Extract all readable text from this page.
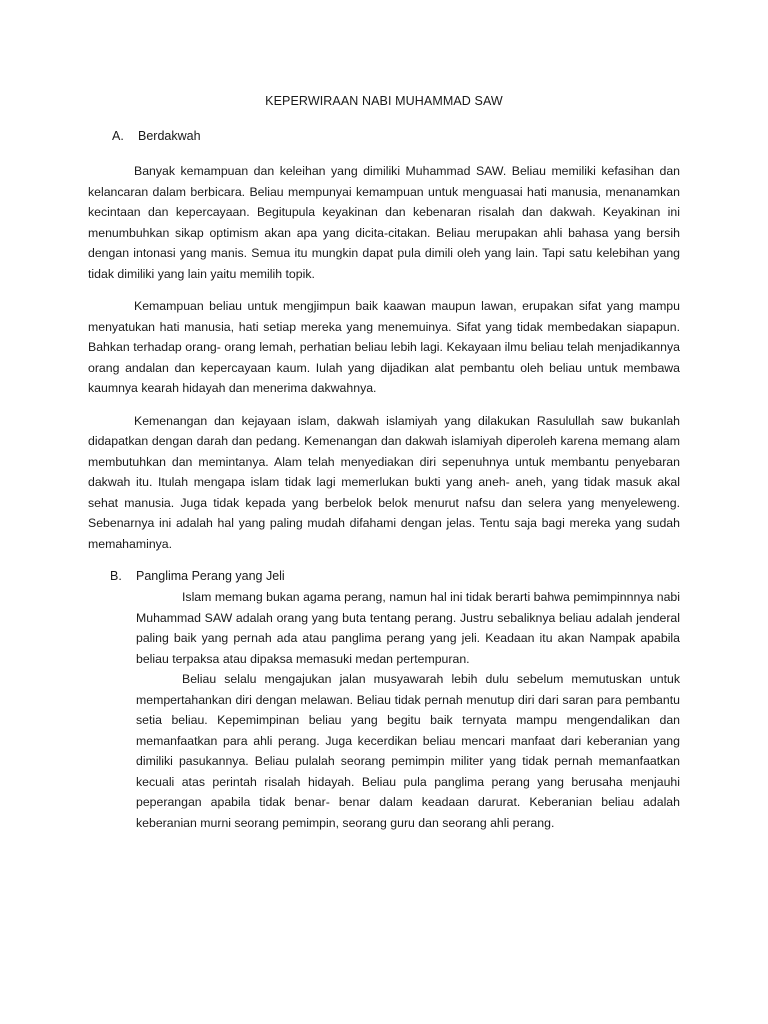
KEPERWIRAAN NABI MUHAMMAD SAW
A.	Berdakwah

Banyak kemampuan dan keleihan yang dimiliki Muhammad SAW. Beliau memiliki kefasihan dan kelancaran dalam berbicara. Beliau mempunyai kemampuan untuk menguasai hati manusia, menanamkan kecintaan dan kepercayaan. Begitupula keyakinan dan kebenaran risalah dan dakwah. Keyakinan ini menumbuhkan sikap optimism akan apa yang dicita-citakan. Beliau merupakan ahli bahasa yang bersih dengan intonasi yang manis. Semua itu mungkin dapat pula dimili oleh yang lain. Tapi satu kelebihan yang tidak dimiliki yang lain yaitu memilih topik.

Kemampuan beliau untuk mengjimpun baik kaawan maupun lawan, erupakan sifat yang mampu menyatukan hati manusia, hati setiap mereka yang menemuinya. Sifat yang tidak membedakan siapapun. Bahkan terhadap orang- orang lemah, perhatian beliau lebih lagi. Kekayaan ilmu beliau telah menjadikannya orang andalan dan kepercayaan kaum. Iulah yang dijadikan alat pembantu oleh beliau untuk membawa kaumnya kearah hidayah dan menerima dakwahnya.

Kemenangan dan kejayaan islam, dakwah islamiyah yang dilakukan Rasulullah saw bukanlah didapatkan dengan darah dan pedang. Kemenangan dan dakwah islamiyah diperoleh karena memang alam membutuhkan dan memintanya. Alam telah menyediakan diri sepenuhnya untuk membantu penyebaran dakwah itu. Itulah mengapa islam tidak lagi memerlukan bukti yang aneh- aneh, yang tidak masuk akal sehat manusia. Juga tidak kepada yang berbelok belok menurut nafsu dan selera yang menyeleweng. Sebenarnya ini adalah hal yang paling mudah difahami dengan jelas. Tentu saja bagi mereka yang sudah memahaminya.

B.	Panglima Perang yang Jeli

Islam memang bukan agama perang, namun hal ini tidak berarti bahwa pemimpinnnya nabi Muhammad SAW adalah orang yang buta tentang perang. Justru sebaliknya beliau adalah jenderal paling baik yang pernah ada atau panglima perang yang jeli. Keadaan itu akan Nampak apabila beliau terpaksa atau dipaksa memasuki medan pertempuran.

Beliau selalu mengajukan jalan musyawarah lebih dulu sebelum memutuskan untuk mempertahankan diri dengan melawan. Beliau tidak pernah menutup diri dari saran para pembantu setia beliau. Kepemimpinan beliau yang begitu baik ternyata mampu mengendalikan dan memanfaatkan para ahli perang. Juga kecerdikan beliau mencari manfaat dari keberanian yang dimiliki pasukannya. Beliau pulalah seorang pemimpin militer yang tidak pernah memanfaatkan kecuali atas perintah risalah hidayah. Beliau pula panglima perang yang berusaha menjauhi peperangan apabila tidak benar- benar dalam keadaan darurat. Keberanian beliau adalah keberanian murni seorang pemimpin, seorang guru dan seorang ahli perang.
